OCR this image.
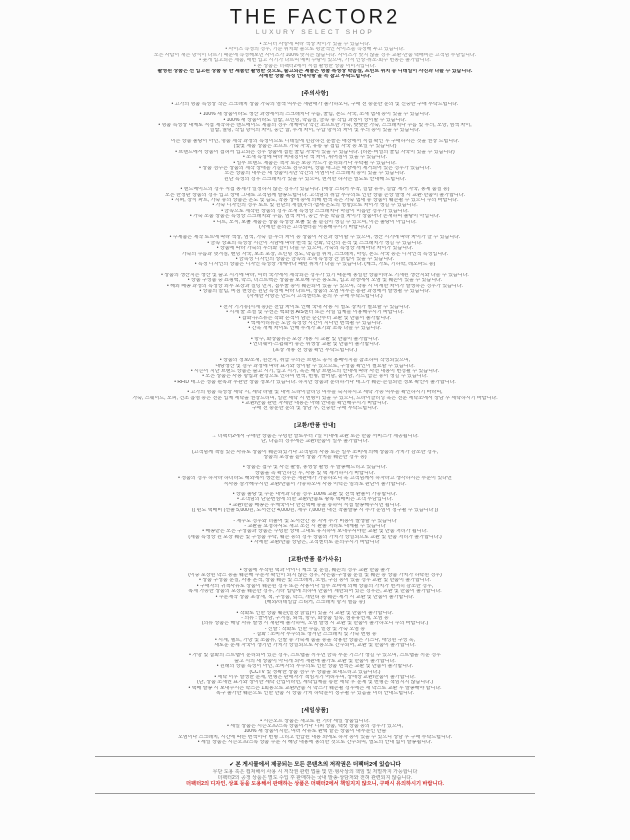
THE FACTOR2
LUXURY SELECT SHOP
• 모니터 사양에 따라 색상 차이가 있을 수 있습니다.
• 사이즈 측정의 경우, 기준 위치와 틀으로 평균적인 사이즈를 측정해 두고 있습니다.
모든 사람이 재는 방식이 다르기 때문에 측정해보면 사이즈가 100% 맞지는 않습니다. 사이즈가 맞지 않을 경우 교환·반품 택배비는 고객님 부담입니다.
• 늦게 입고되는 제품, 매번 입고 시기가 다르며 예비 수량이 있으며, 가격 인상·취소·회수 변동은 불가합니다.
• 본 상품은 더팩터2에서 직접 촬영한 상품 이미지입니다.
촬영된 상품은 선 입고된 상품 중 한 제품만 촬영한 것으로, 출고되는 제품은 명품 특성상 박음질, 프린트 위치 등 디테일이 사진과 다를 수 있습니다.
자세한 상품 특징 안내사항 을 꼭 참고 부탁드립니다.
[주의사항]
• 고가의 명품 특성상 작은 스크래치 상품 가죽의 염색 여부는 재판매가 불가하오니, 구매 전 충분한 문의 및 신중한 구매 부탁드립니다.
• 100% 새 상품이라도 생산 과정에서의 스크래치나 주름, 눌림, 본드 자국, 소재 냄새 등이 있을 수 있습니다.
• 100% 새 상품이라도 실밥, 프린팅, 박음질, 금속 등 작업 과정이 상이할 수 있습니다.
• 명품 특성상 대체로 직접 제작하는 핸드메이드 제품의 경우 개체마다 약간 소프트한 가죽, 빳빳한 가죽, 스크래치나 주름 및 무늬, 모양, 염색 차이,
실밥, 퀄팅, 작업 방식의 차이, 둥근 굽, 무게 차이, 수납 방식의 차이 및 무늬 등이 있을 수 있습니다.
이는 상품 불량이 아닌, 명품 제작 과정의 특성이므로 디테일에 민감하신 분들은 매장에서 직접 확인 후 구매하시는 것을 권장 드립니다.
(몇몇 제품 상품은 소프트 가죽 자국, 유통 중 접힘 자국 등 보일 수 있습니다)
• 브랜드에서 상품이 접혀서 입고되는 경우 상품에 접힌 눌림 자국이 있을 수 있습니다. (리본·비닐의 눌림 자국이 있을 수 있습니다)
• 소재 특성에 따라 비대칭이나 색 차이, 휘어짐이 있을 수 있습니다.
• 일부 브랜드 제품은 책자 또는 보증 카드가 분리되거나 누락될 수 있습니다.
• 상품 검수는 상품의 제작 상태를 기준으로 검수되며, 상품 태그는 매장에서 제거되어 있는 경우가 있습니다.
모든 상품의 내부는 새 상품이지만 약간의 이염이나 스크래치 등이 있을 수 있습니다.
원단 특성의 경우 스크래치가 있을 수 있으며, 현저한 하자는 별도로 안내해 드립니다.
• 핸드메이드의 경우 직접 봉제가 일정하지 않은 경우가 있습니다. (매장 스티커 부착, 실밥 유무, 실밥 제거 자국, 봉제 품질 등)
모든 한정판 상품의 경우 입고 상태 그대로 고객님께 발송드립니다. 고객님의 취급 부주의로 인한 상품 손상 발생 시 교환·반품이 불가합니다.
• 지퍼, 장식 파트, 가죽 등의 상품은 온도 및 습도, 착용 상태 등에 의해 변색 혹은 가죽 냄새 등 상품이 훼손될 수 있으니 주의 바랍니다.
• 가죽 디자인의 경우 로트 및 원단의 재질(무늬·냄새·온도의 영향)으로 차이가 생길 수 있습니다.
• 금속으로 제작된 상품의 경우 소재 특성상 스크래치나 마감이 미흡한 경우가 있습니다.
• 가죽 소품 상품은 특성상 스크래치와 주름, 염색 차이, 둥근 부분 박음질 차이가 상품마다 존재하며 불량이 아닙니다.
• 니트, 모직, 보풀 제품은 상품 특성상 보풀 및 올 뜯김이 생길 수 있으며, 이는 불량이 아닙니다.
(자세한 문의는 고객센터를 이용해주시기 바랍니다.)
• 수제품은 제작 로트에 따라 색상, 염색, 가죽 결·무늬 차이 등 상품이 사진과 상이할 수 있으며, 생산 시기에 따라 차이가 클 수 있습니다.
• 금속 상표의 특성상 시간이 지남에 따라 변색 및 산화, 약간의 흔적 및 스크래치가 생길 수 있습니다.
• 상품에 따라 가죽의 무늬와 결이 다를 수 있으며, 가죽의 특성상 개체마다 차이가 있습니다.
가죽의 주름과 벗겨짐, 밴딩 자국, 보조 포장, 프린팅 정도, 박음질 위치, 스크래치, 마킹, 본드 자국 등은 디자인적 특성입니다.
• 금속성 디자인의 상품은 금속의 소재 특성상 잔 긁힘이 있을 수 있습니다.
• 특정 디자인의 상품은 디자인 특성상 개체마다 패턴 위치가 다를 수 있습니다. (체크, 가로, 기하학, 레오파드 등)
• 상품의 생산지는 생산 및 출고 시기에 따라, 여러 국가에서 제작되는 경우가 있기 때문에 동일한 상품이라도 기재된 생산지와 다를 수 있습니다.
• 상품 구성품 중 쇼핑백, 박스, 더스트백은 상품을 보호해 주는 용도로, 입고 과정에서 오염 및 훼손이 있을 수 있습니다.
• 해외 배송 과정의 특성상 외부 포장과 실링 면지, 첨부물 등이 훼손되어 있을 수 있으며, 작동 시 미세한 차이가 발생하는 경우가 있습니다.
• 상품의 쓸림, 비침 현상은 원단 특성에 따라 다르며, 상품의 오염 여부는 통관 과정에서 발생될 수 있습니다.
(자세한 사항은 반드시 고객센터로 문의 후 구매 부탁드립니다.)
• 전자 기기류(시계 등)는 전압 차이로 인해 국내 사용 시 별도 장치가 필요할 수 있습니다.
• 시계 줄 조절 및 수선은 백화점 A/S센터 또는 사설 업체를 이용해주시기 바랍니다.
• 잡화·슈즈류는 착화 흔적이 남는 순간부터 교환 및 반품이 불가합니다.
• 액세서리류는 도금 특성상 시간이 지나면 변색될 수 있습니다.
• 간혹 개체 차이로 인해 무게가 표기와 소폭 다를 수 있습니다.
• 향수, 화장품류는 포장 개봉 시 교환 및 반품이 불가합니다.
• 언더웨어·스윔웨어 등은 위생상 교환 및 반품이 불가합니다.
(포장 개봉 전 상품 확인 부탁드립니다.)
• 상품의 정보/소재, 원산지, 취급 주의는 브랜드 공식 홈페이지를 참조하여 작성되었으며,
대량생산 및 검수 과정에 따라 표기와 상이할 수 있으므로, 구성품 확인이 필요할 수 있습니다.
• 시즌이 지난 브랜드 상품은 출고 시기, 입고 시기, 혹은 해당 브랜드의 안내에 따라 사전 내용이 변경될 수 있습니다.
• 모든 상품은 사용 방법과 환경으로 인하여 변색, 변형, 늘어남, 묻어남, 기스, 급손 등이 생길 수 있습니다.
• RFID 태그는 정품 판독과 무관한 상품 정보가 있습니다. 하지만 상품과 분리하거나 태그가 훼손·손실되면 정보 확인이 불가합니다.
• 고가의 명품 특성상 세탁 시, 세탁 라벨 및 내역 드라이클리닝 여부를 숙지하시고 세탁 가능 여부를 확인하시기 바라며,
가죽, 스웨이드, 모피, 건조 흡염 등은 전문 업체 세탁을 권장드리며, 일반 세탁 시 변형이 있을 수 있으니, 드라이클리닝 혹은 전문 세탁소에서 상담 후 세탁하시기 바랍니다.
• 교환/반품 관련 자세한 내용은 아래 안내를 확인해주시기 바랍니다.
구매 전 충분한 문의 및 상담 후, 신중한 구매 부탁드립니다.
[교환/반품 안내]
→ 더팩터2에서 구매한 상품은 수령한 날로부터 7일 이내에 교환 또는 반품 서비스가 제공됩니다.
단, 다음의 경우에는 교환/반품이 일부 불가합니다.
(고객님께 책임 있는 사유로 상품이 훼손되었거나 고객님의 사용 또는 일부 소비에 의해 상품의 가치가 감소한 경우,
상품의 포장을 뜯어 상품 가치를 훼손한 경우 등)
• 상품은 접수 및 사진 촬영, 동영상 촬영 후 발송해드리고 있습니다.
상품을 꼭 확인하신 후, 사용 및 택 제거하시기 바랍니다.
• 정품의 경우 하자라 하더라도 해외에서 생산된 경우는 재판매가 가능하오니 혹 고객님께서 하자라고 생각하시는 부분이 있다면
직사용 삼가해주시면 교환/반품이 가능하오며 사용 이력은 임의로 판단이 불가합니다.
• 상품 불량 및 주문 내역과 다를 경우 100% 교환 및 전액 환불이 가능합니다.
• 고객님의 단순변심에 의한 교환/반품료 왕복 택배비는 고객 부담입니다.
• 교환/반품 배송은 우체국이나 한진택배 등을 통하여 직접 발송해주시면 됩니다.
(( 편도 택배비 (선불 5,000원, 도서산간 4,000원, 제주 7,000원 대신 착불발송 시 추가 운임이 청구될 수 있습니다 ))
- 제주도 경우와 더불어 및 도서산간 등 지역 추가 비용이 발생할 수 있습니다
- 교환을 요청하셔도 재고 소진 시 환불 처리로 대체될 수 있습니다
• 배송받은 모든 구성품과 상품은 수령한 상태 그대로 유지하여 보내주셔야만 교환 및 반품 처리가 됩니다.
(제품 특성상 원 포장 훼손 및 구성품 누락, 훼손 등의 경우 상품의 가치가 상실되므로 교환 및 반품 처리가 불가합니다.)
• 자세한 교환/반품 상담은, 고객센터로 문의주시기 바랍니다
[교환/반품 불가사유]
• 상품에 부착된 택과 아이디 체크 및 분실, 훼손의 경우 교환 반품 불가
(이중 포장된 박스 등을 훼손해 주문자 확인이 되지 않는 경우, 사은품·구성품 분실 및 훼손 등 상품 가치가 하락된 경우)
• 상품 구성품 분실, 사용 흔적, 상품 훼손 및 스크래치, 오염, 구김 등이 있을 경우 교환 및 반품이 불가합니다.
• 구매자의 귀책사유로 상품이 훼손된 경우 또는 사용이나 일부 소비에 의해 상품의 가치가 현저히 감소한 경우,
복제 가능한 상품의 포장을 훼손한 경우, 기타 법령에 의하여 반품이 제한되어 있는 경우는, 교환 및 반품이 불가합니다.
• 주문제작 상품 포장재, 책, 구성품, 박스, 개런티 등 훼손·제거 시 교환 및 반품이 불가합니다.
(해외/리테일급 스티커, 스크래치 방지 필름 등)
• 착화로 인한 상품 훼손(밑창 긁힘)이 있을 시 교환 및 반품이 불가합니다.
- 의류 : 늘어남, 구겨짐, 퇴색, 향수, 화장품 얼룩, 섬유유연제, 오염 등
(의류 상품은 해당 사유 발생 시 재판매 불가하며, 오염 발생 시 교환 및 반품이 불가하오니 주의 바랍니다.)
- 신발 : 착화로 인한 주름, 밑창 및 가죽 오염 등
- 잡화 : 소비자 부주의로 생겨난 스크래치 및 가죽 변형 등
• 시계, 벨트, 가방 및 소품류, 신발 등 가죽제 품을 등을 착용한 상품은 기스나, 태닝된 구성 혹,
새로운 문제 자국이 생기면 가치가 상실되므로 사용으로 간주되어, 교환 및 반품이 불가합니다.
• 가방 및 잡화의 스트랩이 분리되어 있는 경우, 스트랩을 끼우면 금속 부분 기스가 생길 수 있으며, 스트랩을 끼운 경우
출고 시의 새 상품이 아니게 되어 재판매 불가로 교환 및 반품이 불가합니다.
• 원래의 상품 특성이 아닌, 소비자의 부주의로 인한 상품 변색은 교환 및 반품이 불가합니다.
(CCTV 및 정확한 상품 검수 후 상품을 보내드리고 있습니다.)
• 세탁 이후 발생한 문제, 변형은 판매자가 책임지기 어려우며, 상태상 교환/반품이 불가합니다.
(단, 상품 소재권 표기와 상이한 세탁 간법이라면, 세탁업체를 통한 세탁 후 문제 및 변형은 책임지지 않습니다.)
• 택배 발송 시 보내주시는 박스는 1회용으로 교환/반품 시 박스가 훼손될 경우에는 새 박스로 교환 후 발송해야 합니다.
복구 불가한 훼손으로 인한 반품 시 상품 가치 하락분이 청구될 수 있음을 미리 안내드립니다.
[세일상품]
• 시즌오프 상품은 재고로 된 기타 세일 상품입니다.
• 세일 상품은 시즌오프/스톡 상품이거나 디피 상품, 택컷 상품 등의 경우가 있으며,
100% 새 상품이지만, 여러 사유로 환랙 끝은 상품이 대부분인 만큼
오염이나 스크래치, 시간에 따른 변색이나 변형 그리고 언급된 내용 외에도 하자 등이 있을 수 있으니 상담 후 구매 부탁드립니다.
• 세일 상품은 시즌오프/스톡 상품 주문 시 해당 내용에 동의한 것으로 간주되며, 별도의 안내 없이 발송됩니다.
✔ 본 게시물에서 제공되는 모든 콘텐츠의 저작권은 더팩터2에 있습니다
무단 도용 혹은 캡쳐해서 사용 시 저작권 관련 법률 및 민·형사상의 책임 및 처벌까지 가능합니다
더팩터2의 공정 상품은 별도 수입 후 판매하는 국내 발송·상담처와 전혀 관련되지 않습니다.
더팩터2의 디자인, 상표 등을 도용해서 판매하는 상품은 더팩터2에서 책임지지 않으니, 구매시 유의하시기 바랍니다.
